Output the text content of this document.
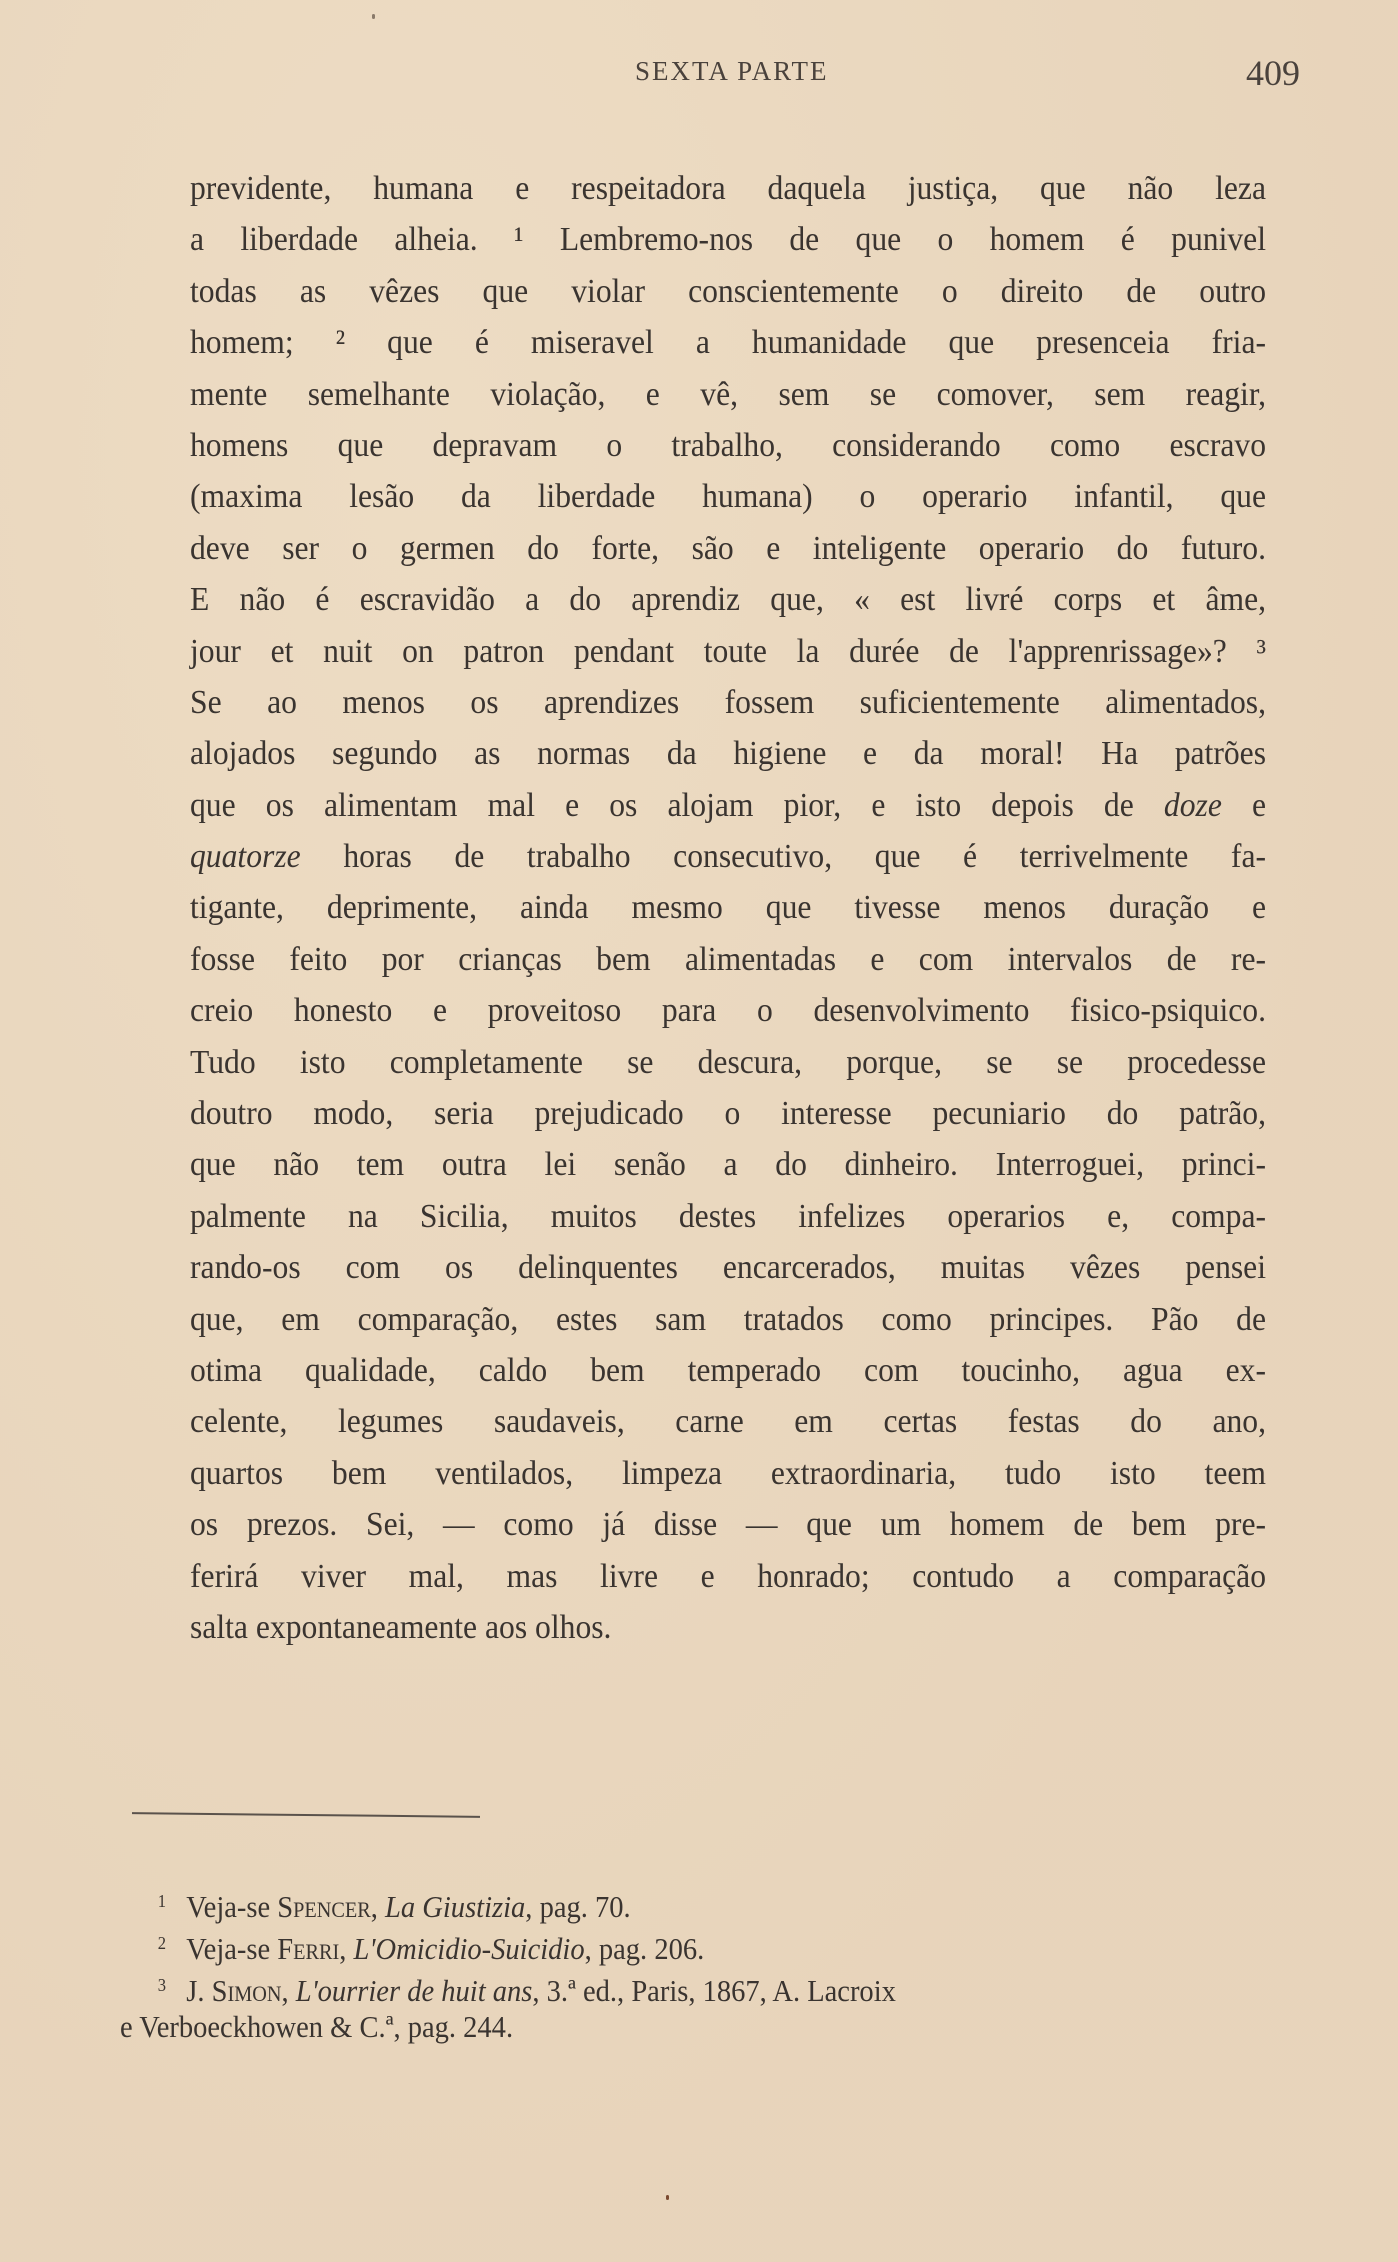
SEXTA PARTE	409
previdente, humana e respeitadora daquela justiça, que não leza
a liberdade alheia. ¹ Lembremo-nos de que o homem é punivel
todas as vêzes que violar conscientemente o direito de outro
homem; ² que é miseravel a humanidade que presenceia fria-
mente semelhante violação, e vê, sem se comover, sem reagir,
homens que depravam o trabalho, considerando como escravo
(maxima lesão da liberdade humana) o operario infantil, que
deve ser o germen do forte, são e inteligente operario do futuro.
E não é escravidão a do aprendiz que, « est livré corps et âme,
jour et nuit on patron pendant toute la durée de l'apprenrissage»? ³
Se ao menos os aprendizes fossem suficientemente alimentados,
alojados segundo as normas da higiene e da moral! Ha patrões
que os alimentam mal e os alojam pior, e isto depois de doze e
quatorze horas de trabalho consecutivo, que é terrivelmente fa-
tigante, deprimente, ainda mesmo que tivesse menos duração e
fosse feito por crianças bem alimentadas e com intervalos de re-
creio honesto e proveitoso para o desenvolvimento fisico-psiquico.
Tudo isto completamente se descura, porque, se se procedesse
doutro modo, seria prejudicado o interesse pecuniario do patrão,
que não tem outra lei senão a do dinheiro. Interroguei, princi-
palmente na Sicilia, muitos destes infelizes operarios e, compa-
rando-os com os delinquentes encarcerados, muitas vêzes pensei
que, em comparação, estes sam tratados como principes. Pão de
otima qualidade, caldo bem temperado com toucinho, agua ex-
celente, legumes saudaveis, carne em certas festas do ano,
quartos bem ventilados, limpeza extraordinaria, tudo isto teem
os prezos. Sei, — como já disse — que um homem de bem pre-
ferirá viver mal, mas livre e honrado; contudo a comparação
salta expontaneamente aos olhos.
1 Veja-se Spencer, La Giustizia, pag. 70.
2 Veja-se Ferri, L'Omicidio-Suicidio, pag. 206.
3 J. Simon, L'ourrier de huit ans, 3.ª ed., Paris, 1867, A. Lacroix
e Verboeckhowen & C.ª, pag. 244.
